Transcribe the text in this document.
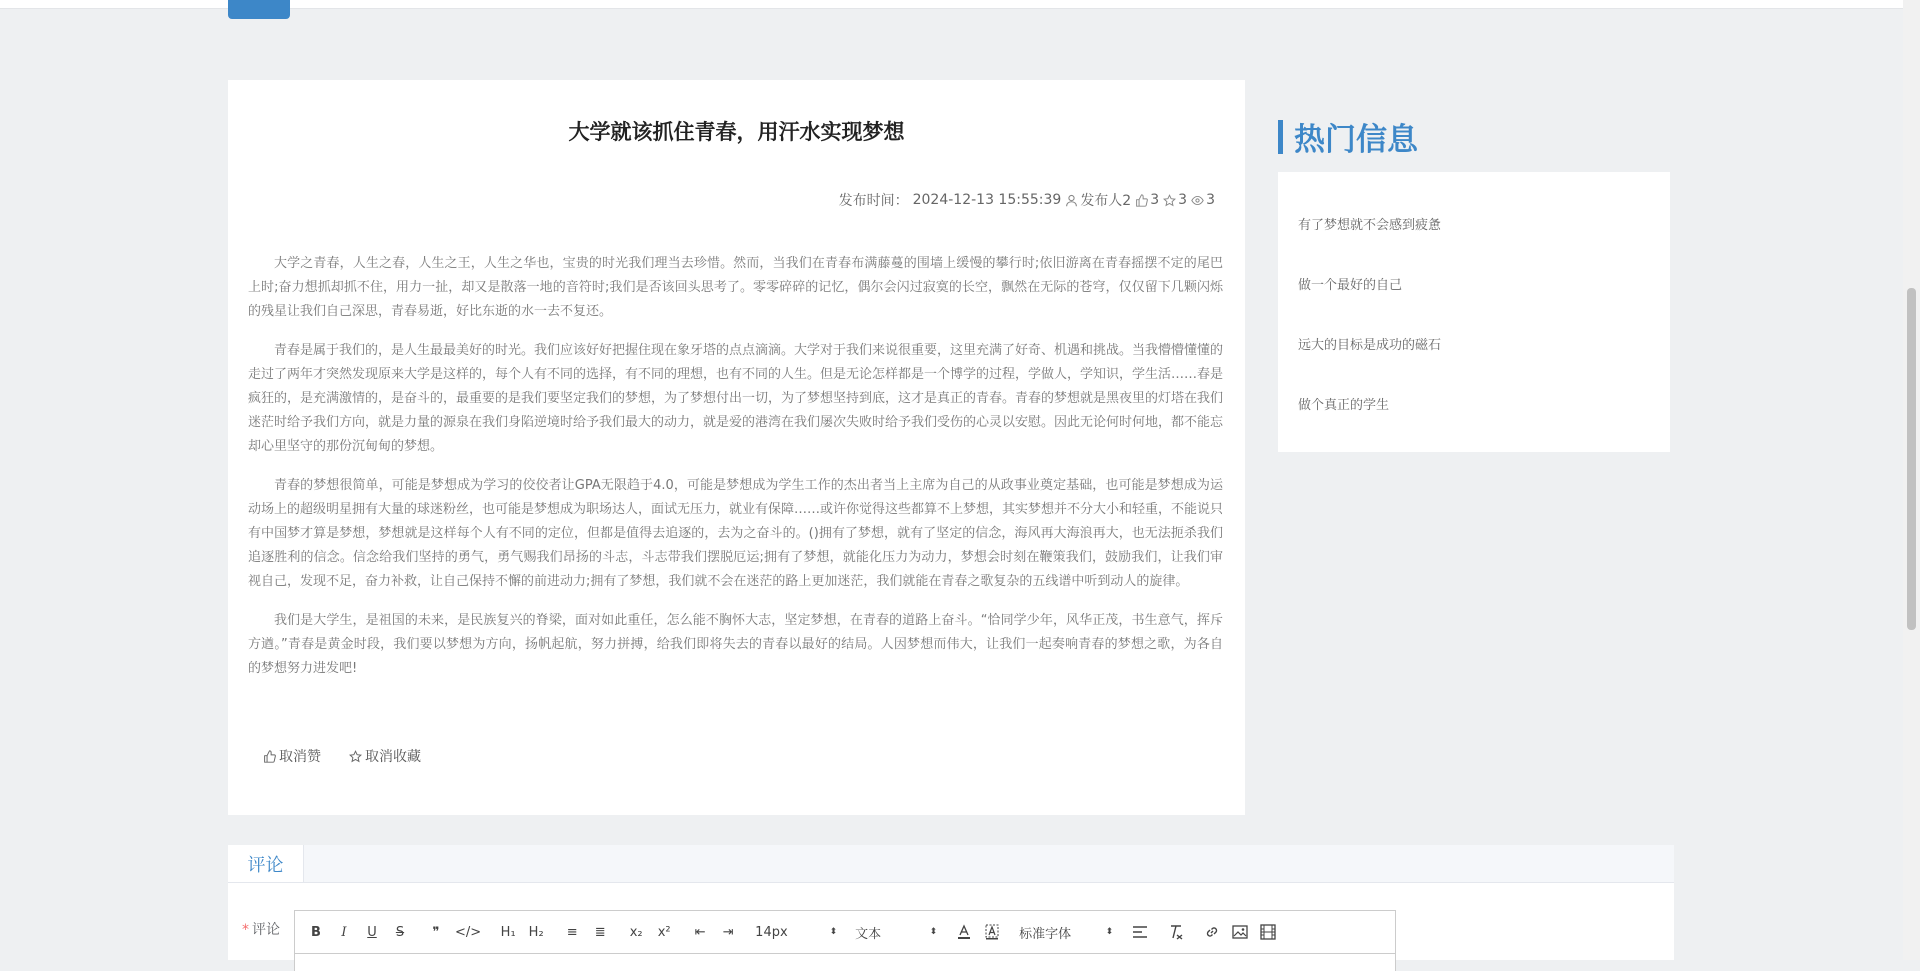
大学就该抓住青春，用汗水实现梦想
发布时间： 2024-12-13 15:55:39 发布人2 3 3 3

大学之青春，人生之春，人生之王，人生之华也，宝贵的时光我们理当去珍惜。然而，当我们在青春布满藤蔓的围墙上缓慢的攀行时;依旧游离在青春摇摆不定的尾巴上时;奋力想抓却抓不住，用力一扯，却又是散落一地的音符时;我们是否该回头思考了。零零碎碎的记忆，偶尔会闪过寂寞的长空，飘然在无际的苍穹，仅仅留下几颗闪烁的残星让我们自己深思，青春易逝，好比东逝的水一去不复还。

青春是属于我们的，是人生最最美好的时光。我们应该好好把握住现在象牙塔的点点滴滴。大学对于我们来说很重要，这里充满了好奇、机遇和挑战。当我懵懵懂懂的走过了两年才突然发现原来大学是这样的，每个人有不同的选择，有不同的理想，也有不同的人生。但是无论怎样都是一个博学的过程，学做人，学知识，学生活……春是疯狂的，是充满激情的，是奋斗的，最重要的是我们要坚定我们的梦想，为了梦想付出一切，为了梦想坚持到底，这才是真正的青春。青春的梦想就是黑夜里的灯塔在我们迷茫时给予我们方向，就是力量的源泉在我们身陷逆境时给予我们最大的动力，就是爱的港湾在我们屡次失败时给予我们受伤的心灵以安慰。因此无论何时何地，都不能忘却心里坚守的那份沉甸甸的梦想。

青春的梦想很简单，可能是梦想成为学习的佼佼者让GPA无限趋于4.0，可能是梦想成为学生工作的杰出者当上主席为自己的从政事业奠定基础，也可能是梦想成为运动场上的超级明星拥有大量的球迷粉丝，也可能是梦想成为职场达人，面试无压力，就业有保障……或许你觉得这些都算不上梦想，其实梦想并不分大小和轻重，不能说只有中国梦才算是梦想，梦想就是这样每个人有不同的定位，但都是值得去追逐的，去为之奋斗的。()拥有了梦想，就有了坚定的信念，海风再大海浪再大，也无法扼杀我们追逐胜利的信念。信念给我们坚持的勇气，勇气赐我们昂扬的斗志，斗志带我们摆脱厄运;拥有了梦想，就能化压力为动力，梦想会时刻在鞭策我们，鼓励我们，让我们审视自己，发现不足，奋力补救，让自己保持不懈的前进动力;拥有了梦想，我们就不会在迷茫的路上更加迷茫，我们就能在青春之歌复杂的五线谱中听到动人的旋律。

我们是大学生，是祖国的未来，是民族复兴的脊梁，面对如此重任，怎么能不胸怀大志，坚定梦想，在青春的道路上奋斗。“恰同学少年，风华正茂，书生意气，挥斥方遒。”青春是黄金时段，我们要以梦想为方向，扬帆起航，努力拼搏，给我们即将失去的青春以最好的结局。人因梦想而伟大，让我们一起奏响青春的梦想之歌，为各自的梦想努力进发吧!

取消赞	取消收藏
热门信息
有了梦想就不会感到疲惫
做一个最好的自己
远大的目标是成功的磁石
做个真正的学生
评论
* 评论	B	I	U	S	❞	</> H₁ H₂ ≡ ≣ x₂ x² ⇤ ⇥ 14px	⬍ 文本	⬍	标准字体	⬍
